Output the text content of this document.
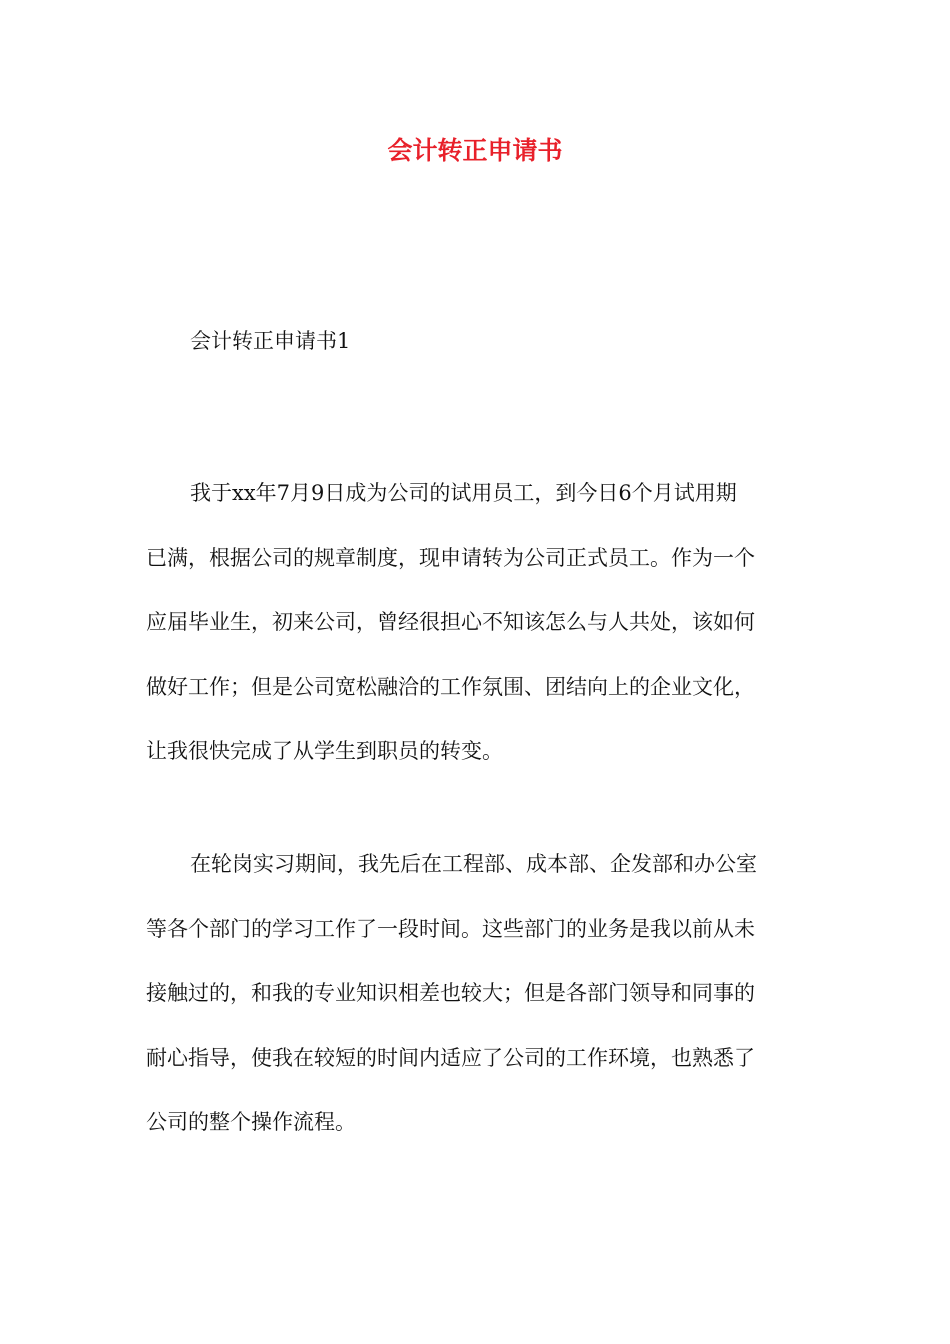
会计转正申请书

会计转正申请书1

我于xx年7月9日成为公司的试用员工，到今日6个月试用期
已满，根据公司的规章制度，现申请转为公司正式员工。作为一个
应届毕业生，初来公司，曾经很担心不知该怎么与人共处，该如何
做好工作；但是公司宽松融洽的工作氛围、团结向上的企业文化，
让我很快完成了从学生到职员的转变。

在轮岗实习期间，我先后在工程部、成本部、企发部和办公室
等各个部门的学习工作了一段时间。这些部门的业务是我以前从未
接触过的，和我的专业知识相差也较大；但是各部门领导和同事的
耐心指导，使我在较短的时间内适应了公司的工作环境，也熟悉了
公司的整个操作流程。
